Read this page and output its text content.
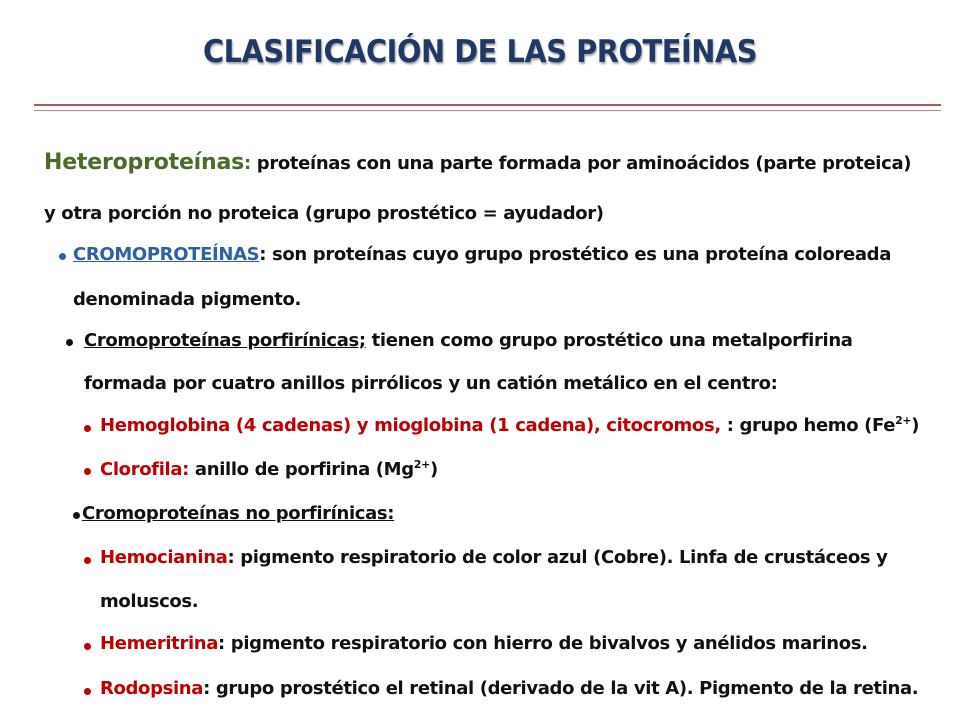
CLASIFICACIÓN DE LAS PROTEÍNAS
Heteroproteínas: proteínas con una parte formada por aminoácidos (parte proteica)
y otra porción no proteica (grupo prostético = ayudador)
CROMOPROTEÍNAS: son proteínas cuyo grupo prostético es una proteína coloreada
denominada pigmento.
Cromoproteínas porfirínicas; tienen como grupo prostético una metalporfirina
formada por cuatro anillos pirrólicos y un catión metálico en el centro:
Hemoglobina (4 cadenas) y mioglobina (1 cadena), citocromos, : grupo hemo $(Fe^{2+})$
Clorofila: anillo de porfirina $(Mg^{2+})$
Cromoproteínas no porfirínicas:
Hemocianina: pigmento respiratorio de color azul (Cobre). Linfa de crustáceos y
moluscos.
Hemeritrina: pigmento respiratorio con hierro de bivalvos y anélidos marinos.
Rodopsina: grupo prostético el retinal (derivado de la vit A). Pigmento de la retina.
